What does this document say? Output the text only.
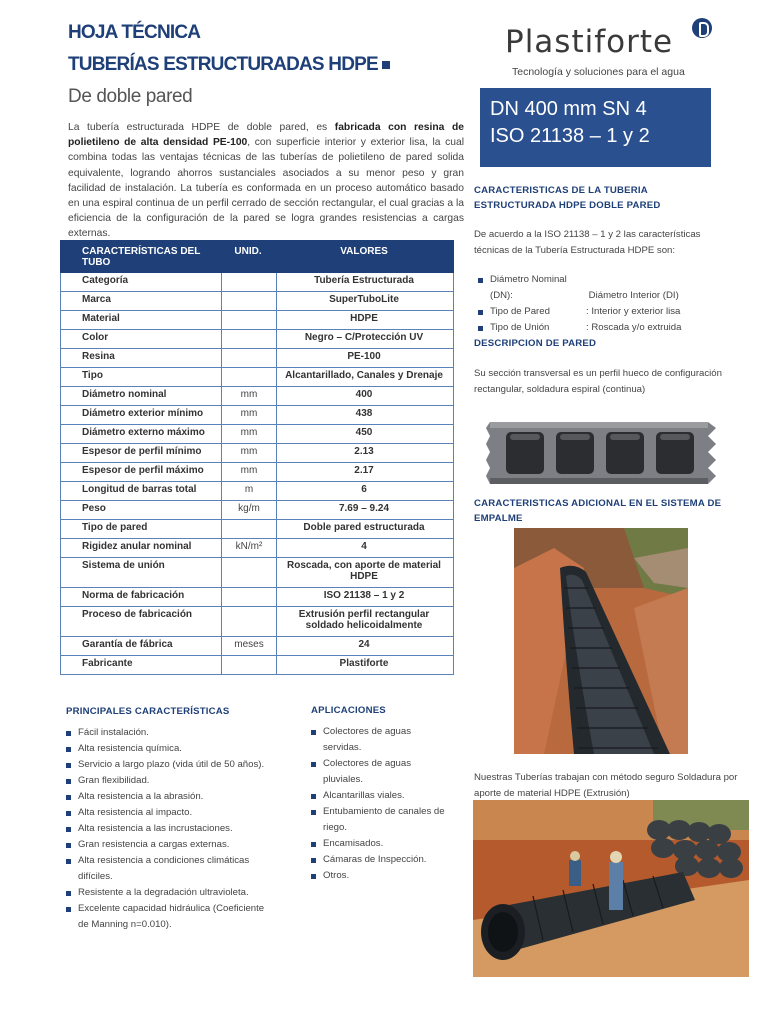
HOJA TÉCNICA
TUBERÍAS ESTRUCTURADAS HDPE
De doble pared
Plastiforte
Tecnología y soluciones para el agua

La tubería estructurada HDPE de doble pared, es fabricada con resina de polietileno de alta densidad PE-100, con superficie interior y exterior lisa, la cual combina todas las ventajas técnicas de las tuberías de polietileno de pared solida equivalente, logrando ahorros sustanciales asociados a su menor peso y gran facilidad de instalación. La tubería es conformada en un proceso automático basado en una espiral continua de un perfil cerrado de sección rectangular, el cual gracias a la eficiencia de la configuración de la pared se logra grandes resistencias a cargas externas.

CARACTERÍSTICAS DEL TUBO	UNID.	VALORES
Categoría		Tubería Estructurada
Marca		SuperTuboLite
Material		HDPE
Color		Negro – C/Protección UV
Resina		PE-100
Tipo		Alcantarillado, Canales y Drenaje
Diámetro nominal	mm	400
Diámetro exterior mínimo	mm	438
Diámetro externo máximo	mm	450
Espesor de perfil mínimo	mm	2.13
Espesor de perfil máximo	mm	2.17
Longitud de barras total	m	6
Peso	kg/m	7.69 – 9.24
Tipo de pared		Doble pared estructurada
Rigidez anular nominal	kN/m²	4
Sistema de unión		Roscada, con aporte de material HDPE
Norma de fabricación		ISO 21138 – 1 y 2
Proceso de fabricación		Extrusión perfil rectangular soldado helicoidalmente
Garantía de fábrica	meses	24
Fabricante		Plastiforte
DN 400 mm SN 4
ISO 21138 – 1 y 2
CARACTERISTICAS DE LA TUBERIA ESTRUCTURADA HDPE DOBLE PARED
De acuerdo a la ISO 21138 – 1 y 2 las características técnicas de la Tubería Estructurada HDPE son:
Diámetro Nominal (DN):	Diámetro Interior (DI)
Tipo de Pared	: Interior y exterior lisa
Tipo de Unión	: Roscada y/o extruida
DESCRIPCION DE PARED
Su sección transversal es un perfil hueco de configuración rectangular, soldadura espiral (continua)
CARACTERISTICAS ADICIONAL EN EL SISTEMA DE EMPALME
Nuestras Tuberías trabajan con método seguro Soldadura por aporte de material HDPE (Extrusión)
PRINCIPALES CARACTERÍSTICAS
Fácil instalación.
Alta resistencia química.
Servicio a largo plazo (vida útil de 50 años).
Gran flexibilidad.
Alta resistencia a la abrasión.
Alta resistencia al impacto.
Alta resistencia a las incrustaciones.
Gran resistencia a cargas externas.
Alta resistencia a condiciones climáticas difíciles.
Resistente a la degradación ultravioleta.
Excelente capacidad hidráulica (Coeficiente de Manning n=0.010).
APLICACIONES
Colectores de aguas servidas.
Colectores de aguas pluviales.
Alcantarillas viales.
Entubamiento de canales de riego.
Encamisados.
Cámaras de Inspección.
Otros.
